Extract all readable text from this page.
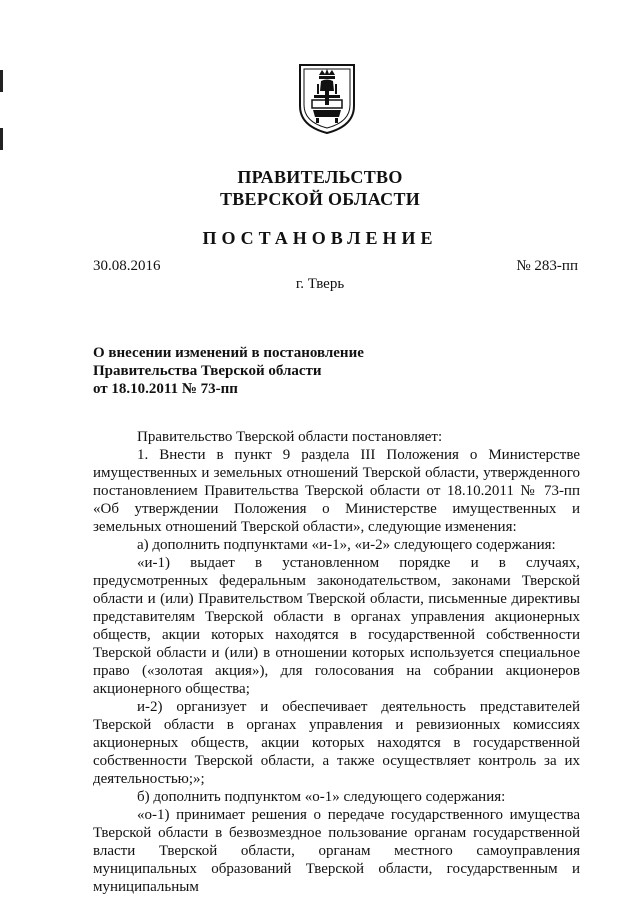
ПРАВИТЕЛЬСТВО
ТВЕРСКОЙ ОБЛАСТИ
ПОСТАНОВЛЕНИЕ
30.08.2016	№ 283-пп
г. Тверь
О внесении изменений в постановление
Правительства Тверской области
от 18.10.2011 № 73-пп

Правительство Тверской области постановляет:

1. Внести в пункт 9 раздела III Положения о Министерстве имущественных и земельных отношений Тверской области, утвержденного постановлением Правительства Тверской области от 18.10.2011 № 73-пп «Об утверждении Положения о Министерстве имущественных и земельных отношений Тверской области», следующие изменения:

а) дополнить подпунктами «и-1», «и-2» следующего содержания:

«и-1) выдает в установленном порядке и в случаях, предусмотренных федеральным законодательством, законами Тверской области и (или) Правительством Тверской области, письменные директивы представителям Тверской области в органах управления акционерных обществ, акции которых находятся в государственной собственности Тверской области и (или) в отношении которых используется специальное право («золотая акция»), для голосования на собрании акционеров акционерного общества;

и-2) организует и обеспечивает деятельность представителей Тверской области в органах управления и ревизионных комиссиях акционерных обществ, акции которых находятся в государственной собственности Тверской области, а также осуществляет контроль за их деятельностью;»;

б) дополнить подпунктом «о-1» следующего содержания:

«о-1) принимает решения о передаче государственного имущества Тверской области в безвозмездное пользование органам государственной власти Тверской области, органам местного самоуправления муниципальных образований Тверской области, государственным и муниципальным
